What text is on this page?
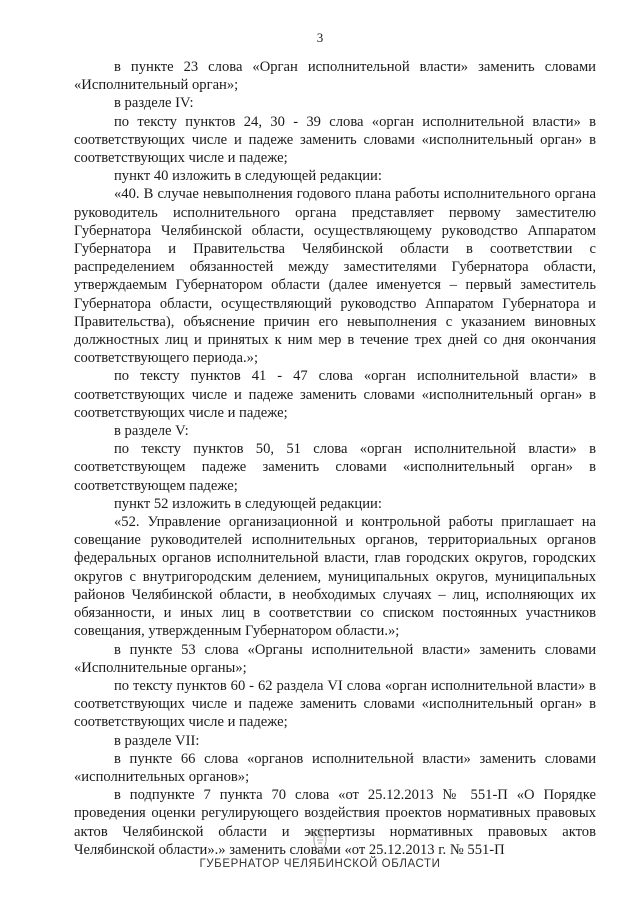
3

в пункте 23 слова «Орган исполнительной власти» заменить словами «Исполнительный орган»;

в разделе IV:

по тексту пунктов 24, 30 - 39 слова «орган исполнительной власти» в соответствующих числе и падеже заменить словами «исполнительный орган» в соответствующих числе и падеже;

пункт 40 изложить в следующей редакции:

«40. В случае невыполнения годового плана работы исполнительного органа руководитель исполнительного органа представляет первому заместителю Губернатора Челябинской области, осуществляющему руководство Аппаратом Губернатора и Правительства Челябинской области в соответствии с распределением обязанностей между заместителями Губернатора области, утверждаемым Губернатором области (далее именуется – первый заместитель Губернатора области, осуществляющий руководство Аппаратом Губернатора и Правительства), объяснение причин его невыполнения с указанием виновных должностных лиц и принятых к ним мер в течение трех дней со дня окончания соответствующего периода.»;

по тексту пунктов 41 - 47 слова «орган исполнительной власти» в соответствующих числе и падеже заменить словами «исполнительный орган» в соответствующих числе и падеже;

в разделе V:

по тексту пунктов 50, 51 слова «орган исполнительной власти» в соответствующем падеже заменить словами «исполнительный орган» в соответствующем падеже;

пункт 52 изложить в следующей редакции:

«52. Управление организационной и контрольной работы приглашает на совещание руководителей исполнительных органов, территориальных органов федеральных органов исполнительной власти, глав городских округов, городских округов с внутригородским делением, муниципальных округов, муниципальных районов Челябинской области, в необходимых случаях – лиц, исполняющих их обязанности, и иных лиц в соответствии со списком постоянных участников совещания, утвержденным Губернатором области.»;

в пункте 53 слова «Органы исполнительной власти» заменить словами «Исполнительные органы»;

по тексту пунктов 60 - 62 раздела VI слова «орган исполнительной власти» в соответствующих числе и падеже заменить словами «исполнительный орган» в соответствующих числе и падеже;

в разделе VII:

в пункте 66 слова «органов исполнительной власти» заменить словами «исполнительных органов»;

в подпункте 7 пункта 70 слова «от 25.12.2013 № 551-П «О Порядке проведения оценки регулирующего воздействия проектов нормативных правовых актов Челябинской области и экспертизы нормативных правовых актов Челябинской области».» заменить словами «от 25.12.2013 г. № 551-П

ГУБЕРНАТОР ЧЕЛЯБИНСКОЙ ОБЛАСТИ
